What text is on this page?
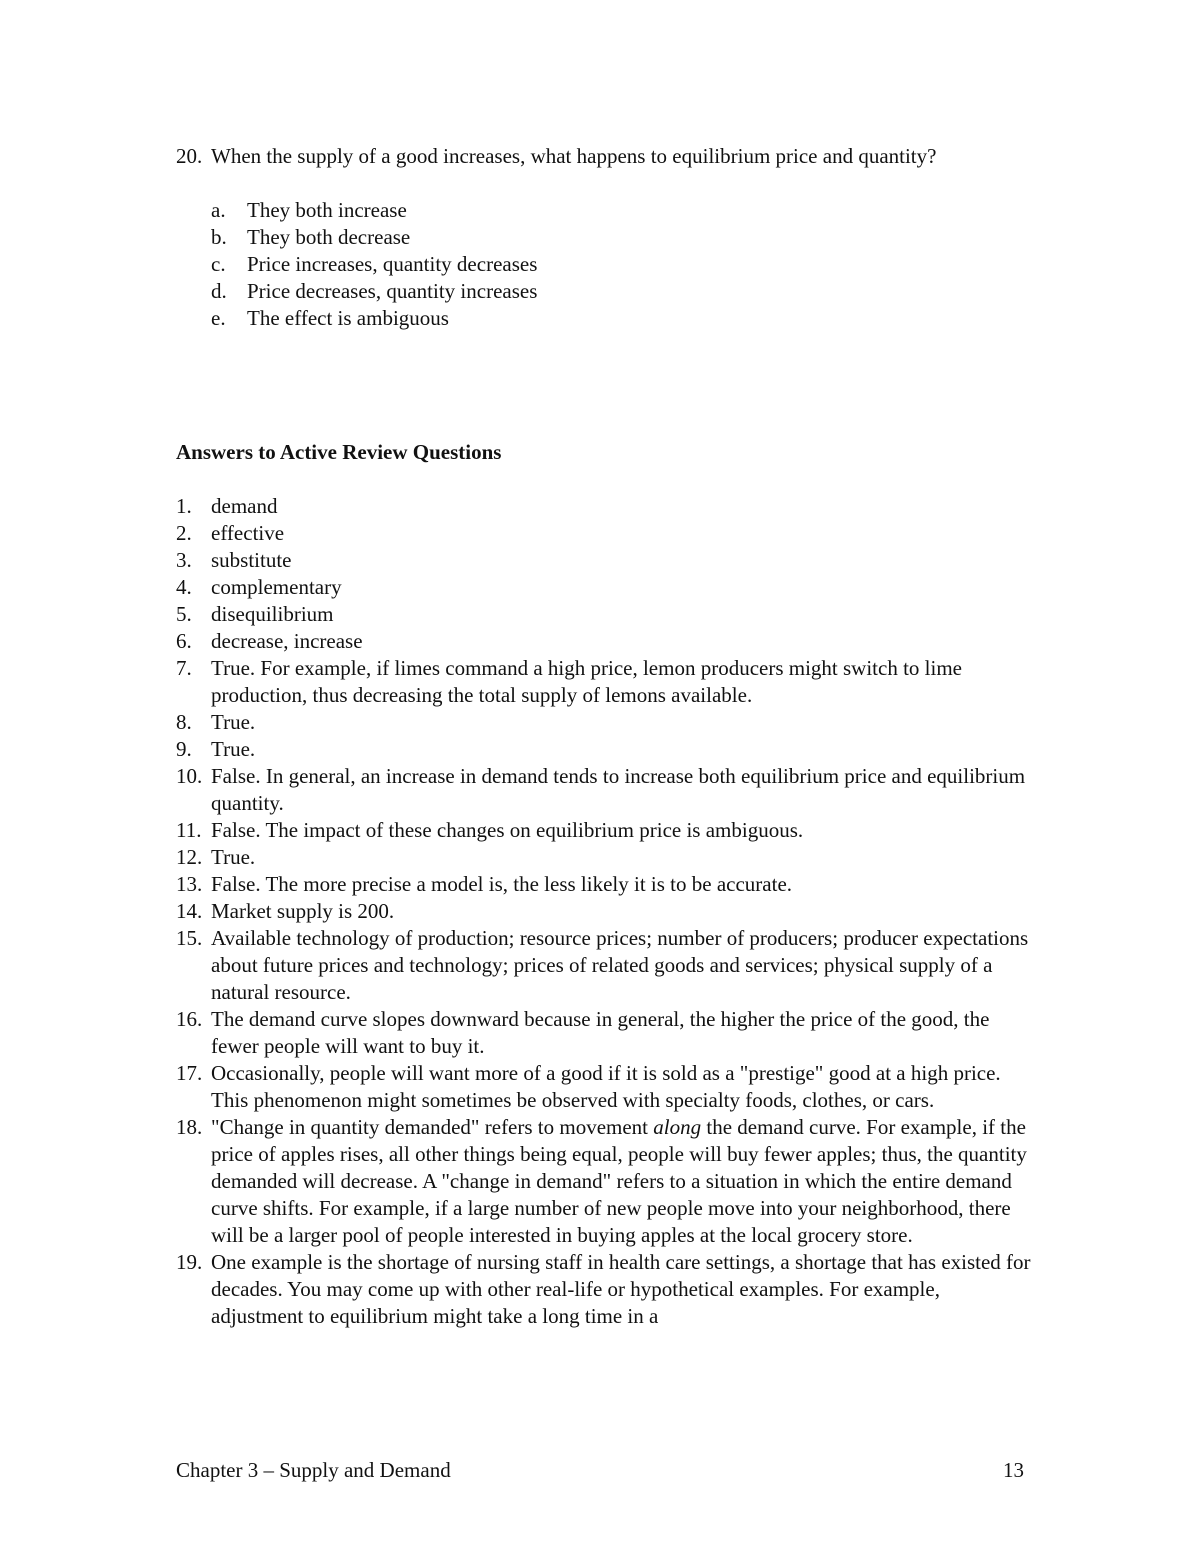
20. When the supply of a good increases, what happens to equilibrium price and quantity?
a.	They both increase
b. They both decrease
c.	Price increases, quantity decreases
d. Price decreases, quantity increases
e.	The effect is ambiguous
Answers to Active Review Questions
1. demand
2. effective
3. substitute
4. complementary
5. disequilibrium
6. decrease, increase
7. True. For example, if limes command a high price, lemon producers might switch to lime production, thus decreasing the total supply of lemons available.
8. True.
9. True.
10. False. In general, an increase in demand tends to increase both equilibrium price and equilibrium quantity.
11. False. The impact of these changes on equilibrium price is ambiguous.
12. True.
13. False. The more precise a model is, the less likely it is to be accurate.
14. Market supply is 200.
15. Available technology of production; resource prices; number of producers; producer expectations about future prices and technology; prices of related goods and services; physical supply of a natural resource.
16. The demand curve slopes downward because in general, the higher the price of the good, the fewer people will want to buy it.
17. Occasionally, people will want more of a good if it is sold as a "prestige" good at a high price. This phenomenon might sometimes be observed with specialty foods, clothes, or cars.
18. "Change in quantity demanded" refers to movement along the demand curve. For example, if the price of apples rises, all other things being equal, people will buy fewer apples; thus, the quantity demanded will decrease. A "change in demand" refers to a situation in which the entire demand curve shifts. For example, if a large number of new people move into your neighborhood, there will be a larger pool of people interested in buying apples at the local grocery store.
19. One example is the shortage of nursing staff in health care settings, a shortage that has existed for decades. You may come up with other real-life or hypothetical examples. For example, adjustment to equilibrium might take a long time in a
Chapter 3 – Supply and Demand	13
